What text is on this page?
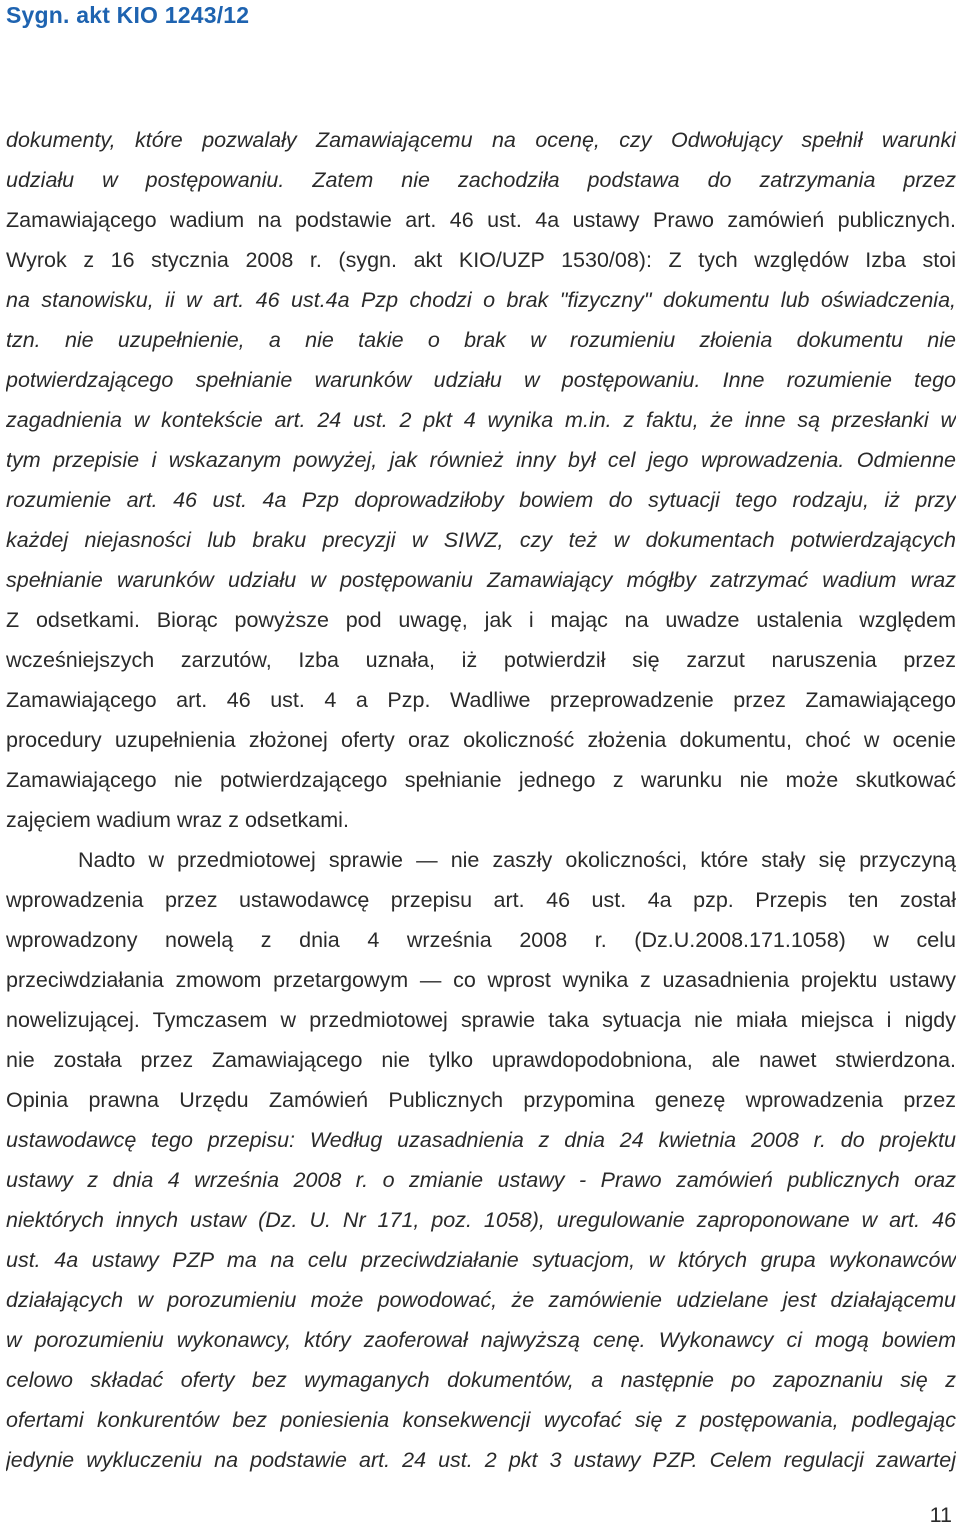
Sygn. akt KIO 1243/12
dokumenty, które pozwalały Zamawiającemu na ocenę, czy Odwołujący spełnił warunki
udziału w postępowaniu. Zatem nie zachodziła podstawa do zatrzymania przez
Zamawiającego wadium na podstawie art. 46 ust. 4a ustawy Prawo zamówień publicznych.
Wyrok z 16 stycznia 2008 r. (sygn. akt KIO/UZP 1530/08): Z tych względów Izba stoi
na stanowisku, ii w art. 46 ust.4a Pzp chodzi o brak "fizyczny" dokumentu lub oświadczenia,
tzn. nie uzupełnienie, a nie takie o brak w rozumieniu złoienia dokumentu nie
potwierdzającego spełnianie warunków udziału w postępowaniu. Inne rozumienie tego
zagadnienia w kontekście art. 24 ust. 2 pkt 4 wynika m.in. z faktu, że inne są przesłanki w
tym przepisie i wskazanym powyżej, jak również inny był cel jego wprowadzenia. Odmienne
rozumienie art. 46 ust. 4a Pzp doprowadziłoby bowiem do sytuacji tego rodzaju, iż przy
każdej niejasności lub braku precyzji w SIWZ, czy też w dokumentach potwierdzających
spełnianie warunków udziału w postępowaniu Zamawiający mógłby zatrzymać wadium wraz
Z odsetkami. Biorąc powyższe pod uwagę, jak i mając na uwadze ustalenia względem
wcześniejszych zarzutów, Izba uznała, iż potwierdził się zarzut naruszenia przez
Zamawiającego art. 46 ust. 4 a Pzp. Wadliwe przeprowadzenie przez Zamawiającego
procedury uzupełnienia złożonej oferty oraz okoliczność złożenia dokumentu, choć w ocenie
Zamawiającego nie potwierdzającego spełnianie jednego z warunku nie może skutkować
zajęciem wadium wraz z odsetkami.
Nadto w przedmiotowej sprawie — nie zaszły okoliczności, które stały się przyczyną
wprowadzenia przez ustawodawcę przepisu art. 46 ust. 4a pzp. Przepis ten został
wprowadzony nowelą z dnia 4 września 2008 r. (Dz.U.2008.171.1058) w celu
przeciwdziałania zmowom przetargowym — co wprost wynika z uzasadnienia projektu ustawy
nowelizującej. Tymczasem w przedmiotowej sprawie taka sytuacja nie miała miejsca i nigdy
nie została przez Zamawiającego nie tylko uprawdopodobniona, ale nawet stwierdzona.
Opinia prawna Urzędu Zamówień Publicznych przypomina genezę wprowadzenia przez
ustawodawcę tego przepisu: Według uzasadnienia z dnia 24 kwietnia 2008 r. do projektu
ustawy z dnia 4 września 2008 r. o zmianie ustawy - Prawo zamówień publicznych oraz
niektórych innych ustaw (Dz. U. Nr 171, poz. 1058), uregulowanie zaproponowane w art. 46
ust. 4a ustawy PZP ma na celu przeciwdziałanie sytuacjom, w których grupa wykonawców
działających w porozumieniu może powodować, że zamówienie udzielane jest działającemu
w porozumieniu wykonawcy, który zaoferował najwyższą cenę. Wykonawcy ci mogą bowiem
celowo składać oferty bez wymaganych dokumentów, a następnie po zapoznaniu się z
ofertami konkurentów bez poniesienia konsekwencji wycofać się z postępowania, podlegając
jedynie wykluczeniu na podstawie art. 24 ust. 2 pkt 3 ustawy PZP. Celem regulacji zawartej
11
